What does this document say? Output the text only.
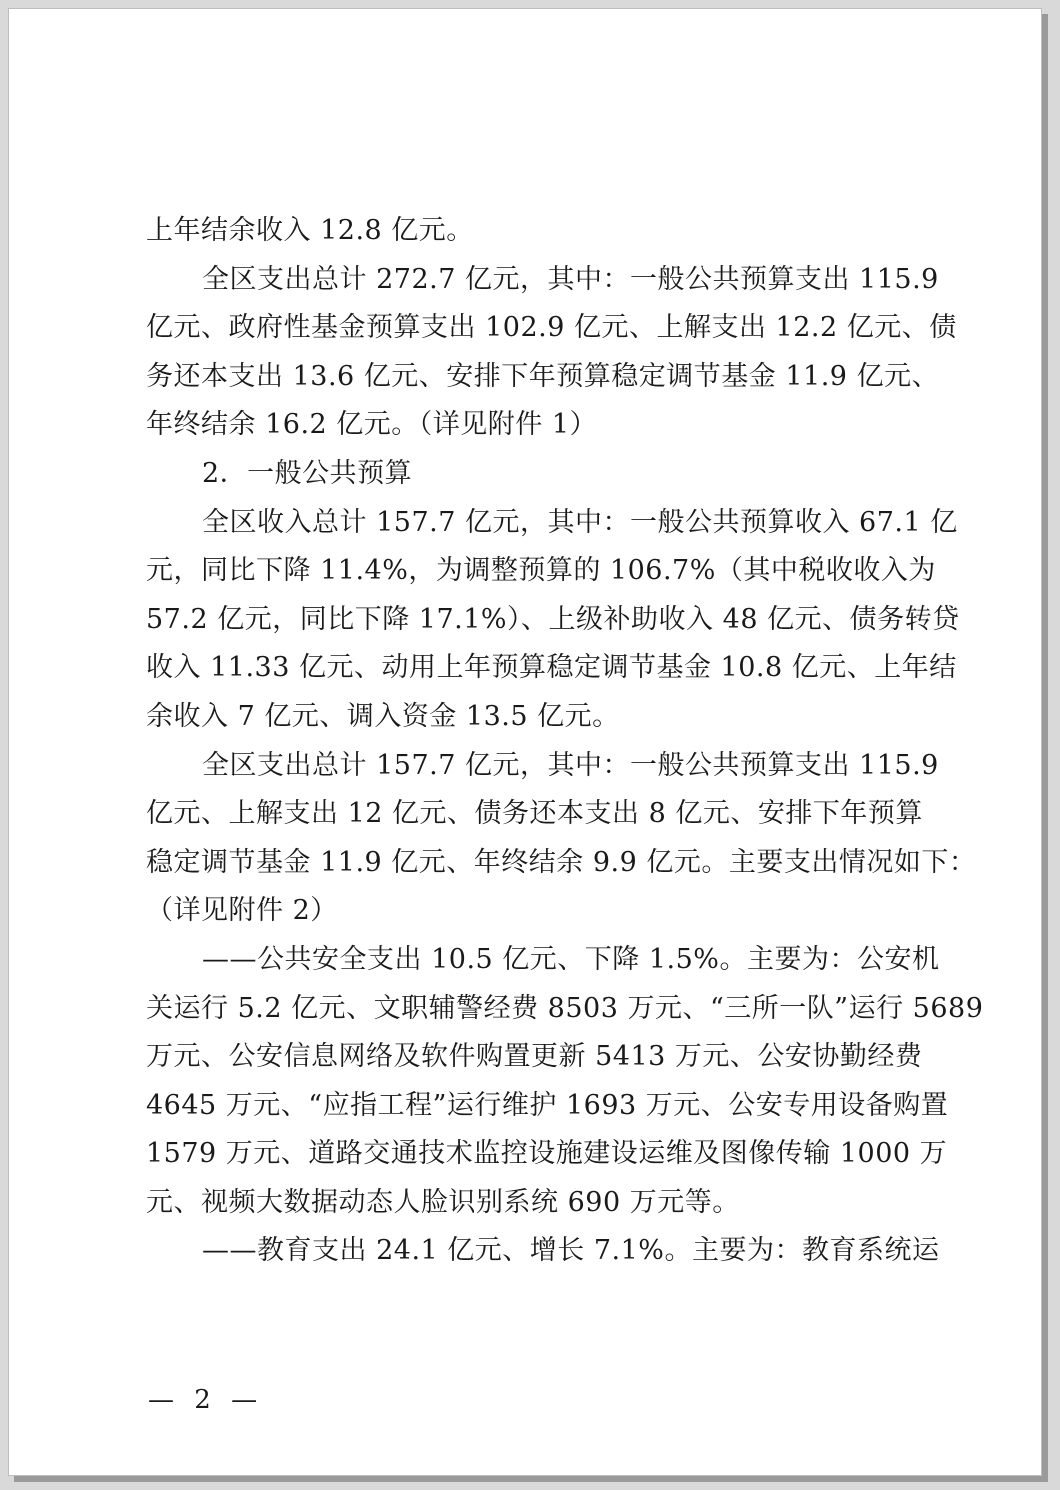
上年结余收入 12.8 亿元。
全区支出总计 272.7 亿元，其中：一般公共预算支出 115.9
亿元、政府性基金预算支出 102.9 亿元、上解支出 12.2 亿元、债
务还本支出 13.6 亿元、安排下年预算稳定调节基金 11.9 亿元、
年终结余 16.2 亿元。（详见附件 1）
2．一般公共预算
全区收入总计 157.7 亿元，其中：一般公共预算收入 67.1 亿
元，同比下降 11.4%，为调整预算的 106.7%（其中税收收入为
57.2 亿元，同比下降 17.1%）、上级补助收入 48 亿元、债务转贷
收入 11.33 亿元、动用上年预算稳定调节基金 10.8 亿元、上年结
余收入 7 亿元、调入资金 13.5 亿元。
全区支出总计 157.7 亿元，其中：一般公共预算支出 115.9
亿元、上解支出 12 亿元、债务还本支出 8 亿元、安排下年预算
稳定调节基金 11.9 亿元、年终结余 9.9 亿元。主要支出情况如下：
（详见附件 2）
——公共安全支出 10.5 亿元、下降 1.5%。主要为：公安机
关运行 5.2 亿元、文职辅警经费 8503 万元、“三所一队”运行 5689
万元、公安信息网络及软件购置更新 5413 万元、公安协勤经费
4645 万元、“应指工程”运行维护 1693 万元、公安专用设备购置
1579 万元、道路交通技术监控设施建设运维及图像传输 1000 万
元、视频大数据动态人脸识别系统 690 万元等。
——教育支出 24.1 亿元、增长 7.1%。主要为：教育系统运
— 2 —
